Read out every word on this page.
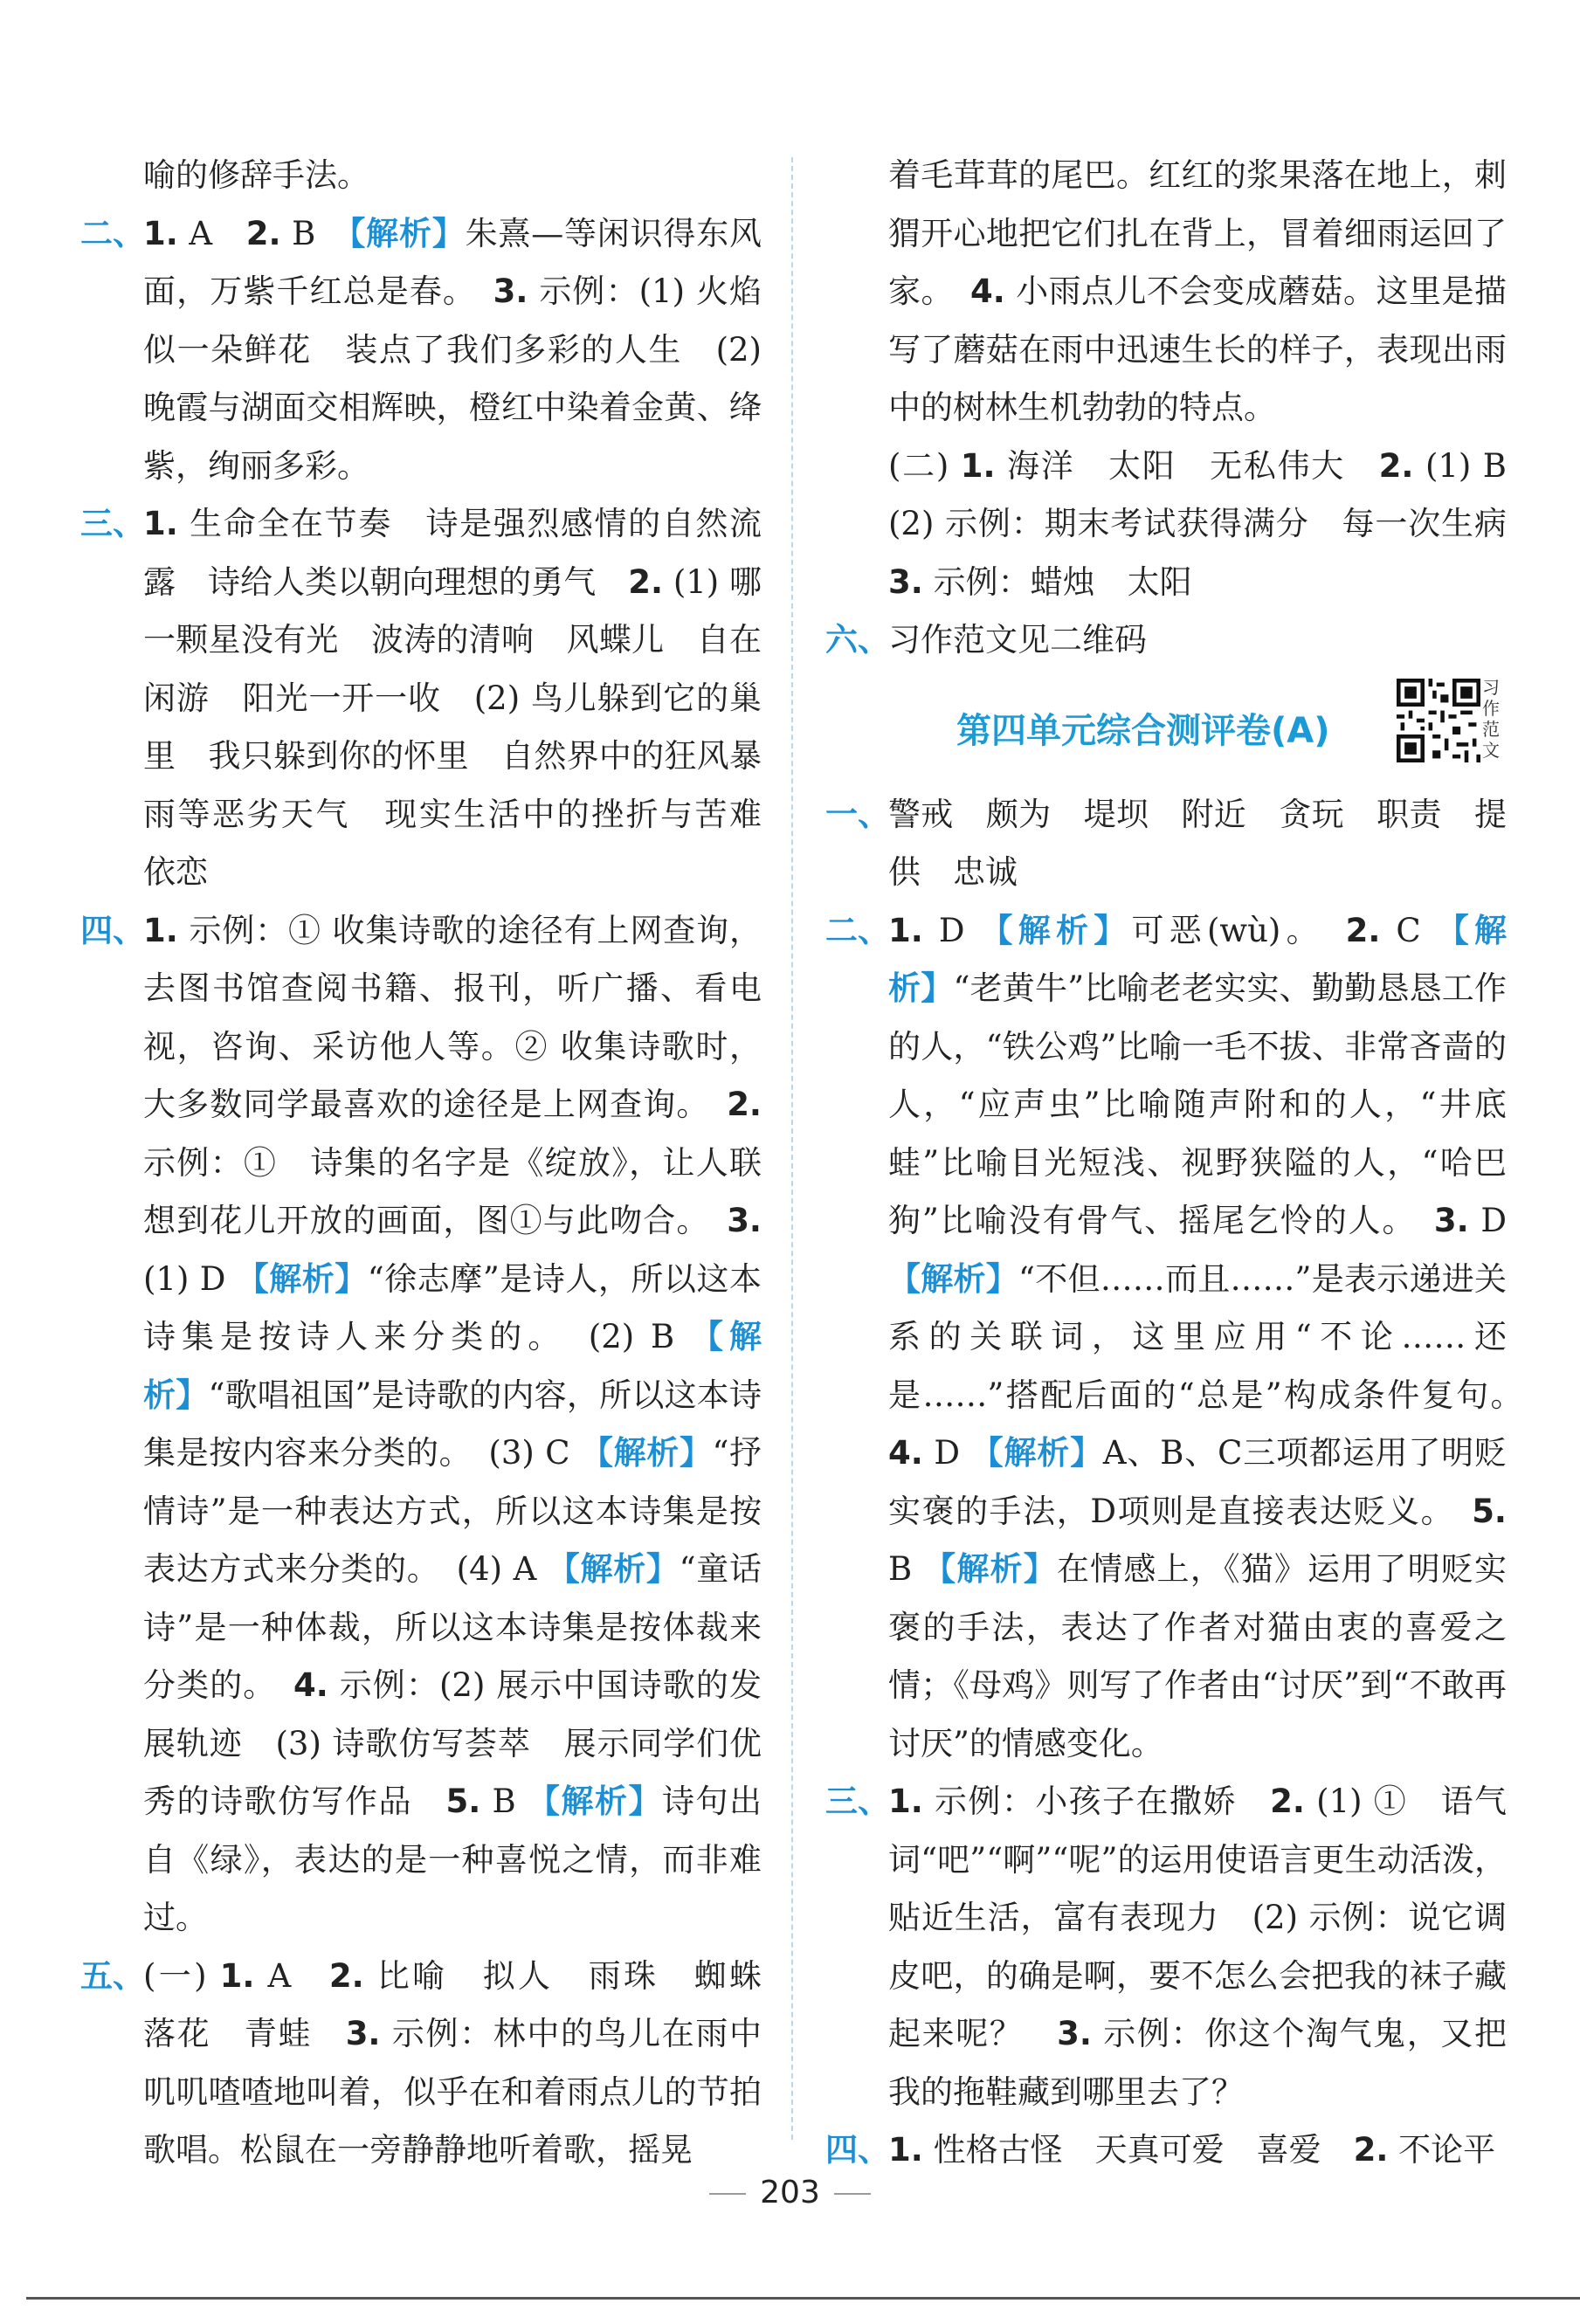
喻的修辞手法。

二、
1. A　2. B　【解析】朱熹—等闲识得东风面，万紫千红总是春。　3. 示例：(1) 火焰似一朵鲜花　装点了我们多彩的人生　(2) 晚霞与湖面交相辉映，橙红中染着金黄、绛紫，绚丽多彩。

三、
1. 生命全在节奏　诗是强烈感情的自然流露　诗给人类以朝向理想的勇气　2. (1) 哪一颗星没有光　波涛的清响　风蝶儿　自在闲游　阳光一开一收　(2) 鸟儿躲到它的巢里　我只躲到你的怀里　自然界中的狂风暴雨等恶劣天气　现实生活中的挫折与苦难　依恋

四、
1. 示例：① 收集诗歌的途径有上网查询，去图书馆查阅书籍、报刊，听广播、看电视，咨询、采访他人等。② 收集诗歌时，大多数同学最喜欢的途径是上网查询。　2. 示例：①　诗集的名字是《绽放》，让人联想到花儿开放的画面，图①与此吻合。　3. (1) D 【解析】“徐志摩”是诗人，所以这本诗集是按诗人来分类的。　(2) B 【解析】“歌唱祖国”是诗歌的内容，所以这本诗集是按内容来分类的。　(3) C 【解析】“抒情诗”是一种表达方式，所以这本诗集是按表达方式来分类的。　(4) A 【解析】“童话诗”是一种体裁，所以这本诗集是按体裁来分类的。　4. 示例：(2) 展示中国诗歌的发展轨迹　(3) 诗歌仿写荟萃　展示同学们优秀的诗歌仿写作品　5. B 【解析】诗句出自《绿》，表达的是一种喜悦之情，而非难过。

五、
(一) 1. A　2. 比喻　拟人　雨珠　蜘蛛　落花　青蛙　3. 示例：林中的鸟儿在雨中叽叽喳喳地叫着，似乎在和着雨点儿的节拍歌唱。松鼠在一旁静静地听着歌，摇晃

着毛茸茸的尾巴。红红的浆果落在地上，刺猬开心地把它们扎在背上，冒着细雨运回了家。　4. 小雨点儿不会变成蘑菇。这里是描写了蘑菇在雨中迅速生长的样子，表现出雨中的树林生机勃勃的特点。

(二) 1. 海洋　太阳　无私伟大　2. (1) B　(2) 示例：期末考试获得满分　每一次生病　3. 示例：蜡烛　太阳

六、
习作范文见二维码

第四单元综合测评卷(A)
习作范文

一、
警戒　颇为　堤坝　附近　贪玩　职责　提供　忠诚

二、
1. D 【解析】可恶(wù)。　2. C 【解析】“老黄牛”比喻老老实实、勤勤恳恳工作的人，“铁公鸡”比喻一毛不拔、非常吝啬的人，“应声虫”比喻随声附和的人，“井底蛙”比喻目光短浅、视野狭隘的人，“哈巴狗”比喻没有骨气、摇尾乞怜的人。　3. D 【解析】“不但……而且……”是表示递进关系的关联词，这里应用“不论……还是……”搭配后面的“总是”构成条件复句。　4. D 【解析】A、B、C三项都运用了明贬实褒的手法，D项则是直接表达贬义。　5. B 【解析】在情感上，《猫》运用了明贬实褒的手法，表达了作者对猫由衷的喜爱之情；《母鸡》则写了作者由“讨厌”到“不敢再讨厌”的情感变化。

三、
1. 示例：小孩子在撒娇　2. (1) ①　语气词“吧”“啊”“呢”的运用使语言更生动活泼，贴近生活，富有表现力　(2) 示例：说它调皮吧，的确是啊，要不怎么会把我的袜子藏起来呢？　3. 示例：你这个淘气鬼，又把我的拖鞋藏到哪里去了？

四、
1. 性格古怪　天真可爱　喜爱　2. 不论平

203
